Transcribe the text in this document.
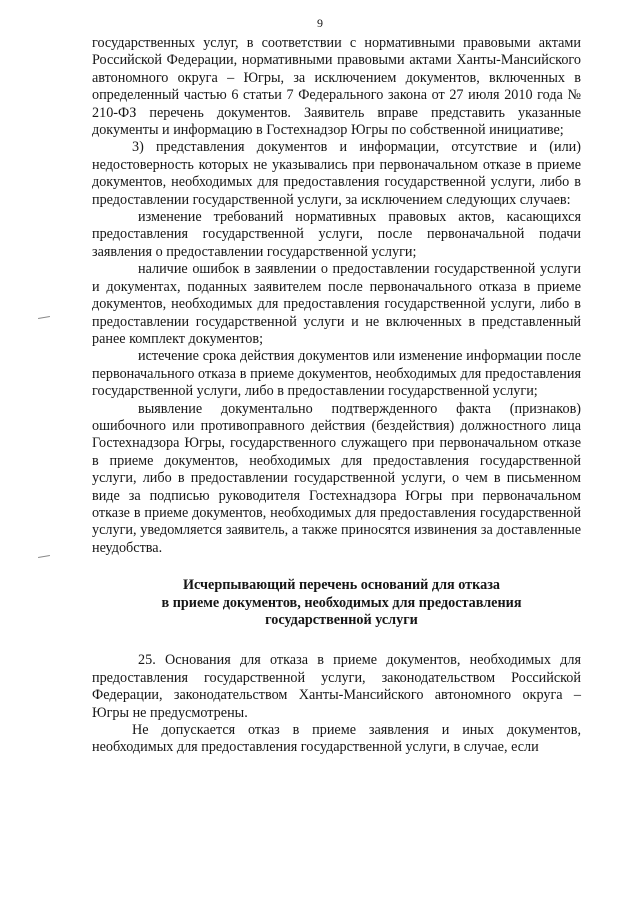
9

государственных услуг, в соответствии с нормативными правовыми актами Российской Федерации, нормативными правовыми актами Ханты-Мансийского автономного округа – Югры, за исключением документов, включенных в определенный частью 6 статьи 7 Федерального закона от 27 июля 2010 года № 210-ФЗ перечень документов. Заявитель вправе представить указанные документы и информацию в Гостехнадзор Югры по собственной инициативе;

3) представления документов и информации, отсутствие и (или) недостоверность которых не указывались при первоначальном отказе в приеме документов, необходимых для предоставления государственной услуги, либо в предоставлении государственной услуги, за исключением следующих случаев:

изменение требований нормативных правовых актов, касающихся предоставления государственной услуги, после первоначальной подачи заявления о предоставлении государственной услуги;

наличие ошибок в заявлении о предоставлении государственной услуги и документах, поданных заявителем после первоначального отказа в приеме документов, необходимых для предоставления государственной услуги, либо в предоставлении государственной услуги и не включенных в представленный ранее комплект документов;

истечение срока действия документов или изменение информации после первоначального отказа в приеме документов, необходимых для предоставления государственной услуги, либо в предоставлении государственной услуги;

выявление документально подтвержденного факта (признаков) ошибочного или противоправного действия (бездействия) должностного лица Гостехнадзора Югры, государственного служащего при первоначальном отказе в приеме документов, необходимых для предоставления государственной услуги, либо в предоставлении государственной услуги, о чем в письменном виде за подписью руководителя Гостехнадзора Югры при первоначальном отказе в приеме документов, необходимых для предоставления государственной услуги, уведомляется заявитель, а также приносятся извинения за доставленные неудобства.

Исчерпывающий перечень оснований для отказа
в приеме документов, необходимых для предоставления
государственной услуги

25. Основания для отказа в приеме документов, необходимых для предоставления государственной услуги, законодательством Российской Федерации, законодательством Ханты-Мансийского автономного округа – Югры не предусмотрены.

Не допускается отказ в приеме заявления и иных документов, необходимых для предоставления государственной услуги, в случае, если
